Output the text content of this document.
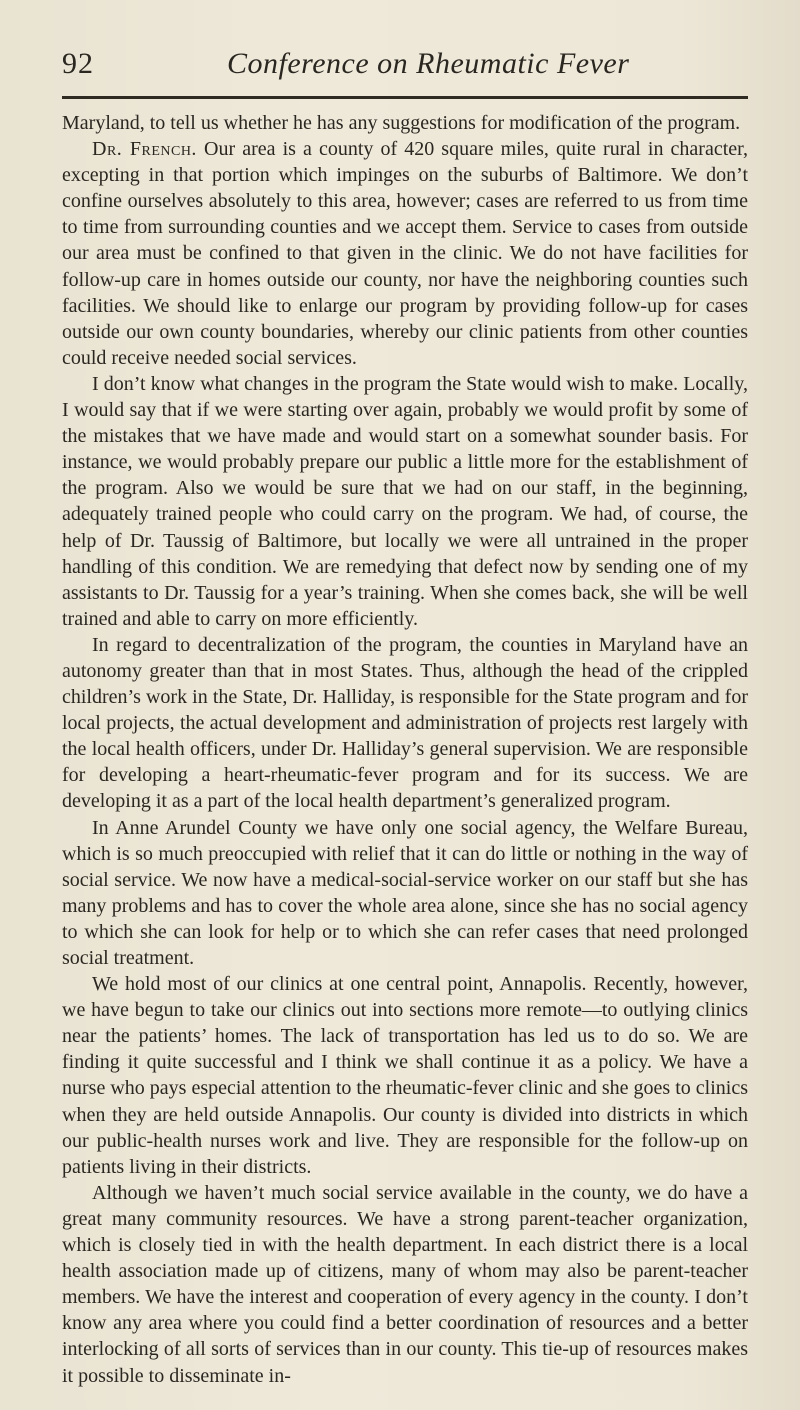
92	Conference on Rheumatic Fever

Maryland, to tell us whether he has any suggestions for modification of the program.

Dr. French. Our area is a county of 420 square miles, quite rural in character, excepting in that portion which impinges on the suburbs of Baltimore. We don’t confine ourselves absolutely to this area, however; cases are referred to us from time to time from surrounding counties and we accept them. Service to cases from outside our area must be confined to that given in the clinic. We do not have facilities for follow-up care in homes outside our county, nor have the neighboring counties such facilities. We should like to enlarge our program by providing follow-up for cases outside our own county boundaries, whereby our clinic patients from other counties could receive needed social services.

I don’t know what changes in the program the State would wish to make. Locally, I would say that if we were starting over again, probably we would profit by some of the mistakes that we have made and would start on a somewhat sounder basis. For instance, we would probably prepare our public a little more for the establishment of the program. Also we would be sure that we had on our staff, in the beginning, adequately trained people who could carry on the program. We had, of course, the help of Dr. Taussig of Baltimore, but locally we were all untrained in the proper handling of this condition. We are remedying that defect now by sending one of my assistants to Dr. Taussig for a year’s training. When she comes back, she will be well trained and able to carry on more efficiently.

In regard to decentralization of the program, the counties in Maryland have an autonomy greater than that in most States. Thus, although the head of the crippled children’s work in the State, Dr. Halliday, is responsible for the State program and for local projects, the actual development and administration of projects rest largely with the local health officers, under Dr. Halliday’s general supervision. We are responsible for developing a heart-rheumatic-fever program and for its success. We are developing it as a part of the local health department’s generalized program.

In Anne Arundel County we have only one social agency, the Welfare Bureau, which is so much preoccupied with relief that it can do little or nothing in the way of social service. We now have a medical-social-service worker on our staff but she has many problems and has to cover the whole area alone, since she has no social agency to which she can look for help or to which she can refer cases that need prolonged social treatment.

We hold most of our clinics at one central point, Annapolis. Recently, however, we have begun to take our clinics out into sections more remote—to outlying clinics near the patients’ homes. The lack of transportation has led us to do so. We are finding it quite successful and I think we shall continue it as a policy. We have a nurse who pays especial attention to the rheumatic-fever clinic and she goes to clinics when they are held outside Annapolis. Our county is divided into districts in which our public-health nurses work and live. They are responsible for the follow-up on patients living in their districts.

Although we haven’t much social service available in the county, we do have a great many community resources. We have a strong parent-teacher organization, which is closely tied in with the health department. In each district there is a local health association made up of citizens, many of whom may also be parent-teacher members. We have the interest and cooperation of every agency in the county. I don’t know any area where you could find a better coordination of resources and a better interlocking of all sorts of services than in our county. This tie-up of resources makes it possible to disseminate in-
